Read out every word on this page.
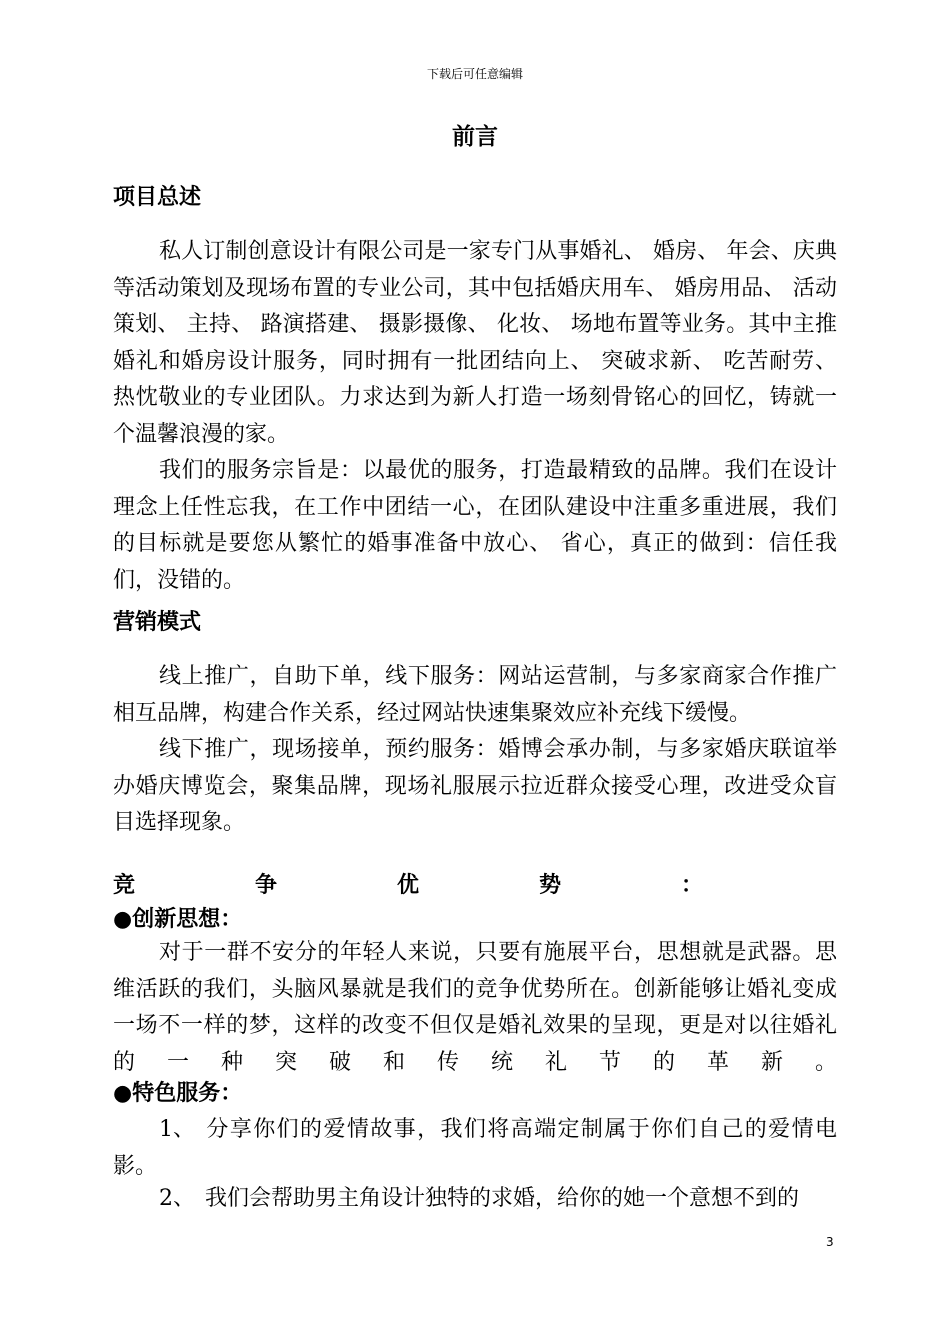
下载后可任意编辑
前言
项目总述
私人订制创意设计有限公司是一家专门从事婚礼、 婚房、 年会、庆典等活动策划及现场布置的专业公司，其中包括婚庆用车、 婚房用品、 活动策划、 主持、 路演搭建、 摄影摄像、 化妆、 场地布置等业务。其中主推婚礼和婚房设计服务，同时拥有一批团结向上、 突破求新、 吃苦耐劳、 热忱敬业的专业团队。力求达到为新人打造一场刻骨铭心的回忆，铸就一个温馨浪漫的家。
我们的服务宗旨是：以最优的服务，打造最精致的品牌。我们在设计理念上任性忘我，在工作中团结一心，在团队建设中注重多重进展，我们的目标就是要您从繁忙的婚事准备中放心、 省心，真正的做到：信任我们，没错的。
营销模式
线上推广，自助下单，线下服务：网站运营制，与多家商家合作推广相互品牌，构建合作关系，经过网站快速集聚效应补充线下缓慢。
线下推广，现场接单，预约服务：婚博会承办制，与多家婚庆联谊举办婚庆博览会，聚集品牌，现场礼服展示拉近群众接受心理，改进受众盲目选择现象。
竞	争	优	势	：
●创新思想：
对于一群不安分的年轻人来说，只要有施展平台，思想就是武器。思维活跃的我们，头脑风暴就是我们的竞争优势所在。创新能够让婚礼变成一场不一样的梦，这样的改变不但仅是婚礼效果的呈现，更是对以往婚礼的一种突破和传统礼节的革新。
●特色服务：
1、 分享你们的爱情故事，我们将高端定制属于你们自己的爱情电影。
2、 我们会帮助男主角设计独特的求婚，给你的她一个意想不到的
3
